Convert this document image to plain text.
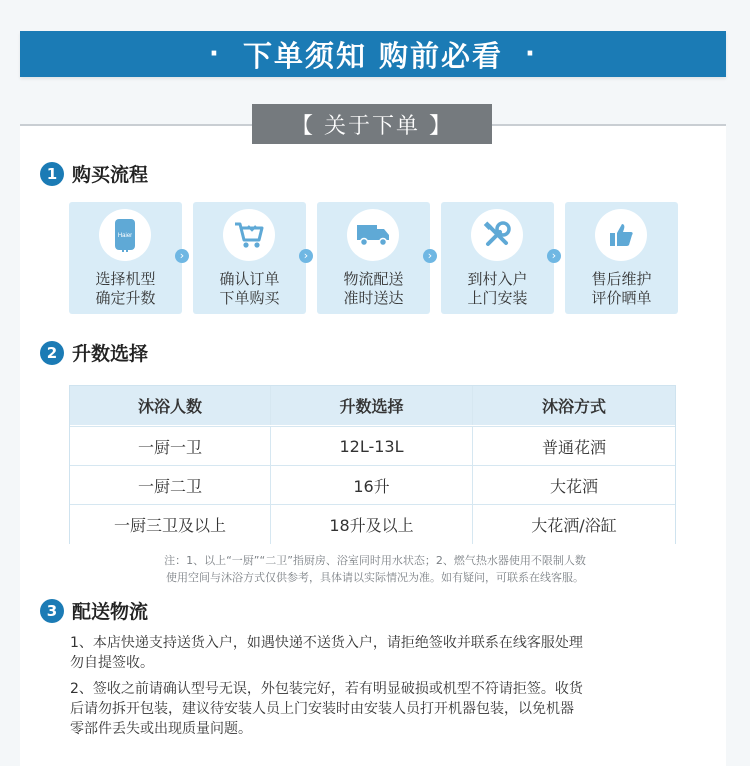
· 下单须知 购前必看 ·
【 关于下单 】
1 购买流程
Haier
选择机型
确定升数
›
确认订单
下单购买
›
物流配送
准时送达
›
到村入户
上门安装
›
售后维护
评价晒单
2 升数选择
沐浴人数	升数选择	沐浴方式
一厨一卫	12L-13L	普通花洒
一厨二卫	16升	大花洒
一厨三卫及以上	18升及以上	大花洒/浴缸
注：1、以上“一厨”“二卫”指厨房、浴室同时用水状态；2、燃气热水器使用不限制人数
使用空间与沐浴方式仅供参考，具体请以实际情况为准。如有疑问，可联系在线客服。
3 配送物流
1、本店快递支持送货入户，如遇快递不送货入户，请拒绝签收并联系在线客服处理
勿自提签收。
2、签收之前请确认型号无误，外包装完好，若有明显破损或机型不符请拒签。收货
后请勿拆开包装，建议待安装人员上门安装时由安装人员打开机器包装，以免机器
零部件丢失或出现质量问题。
